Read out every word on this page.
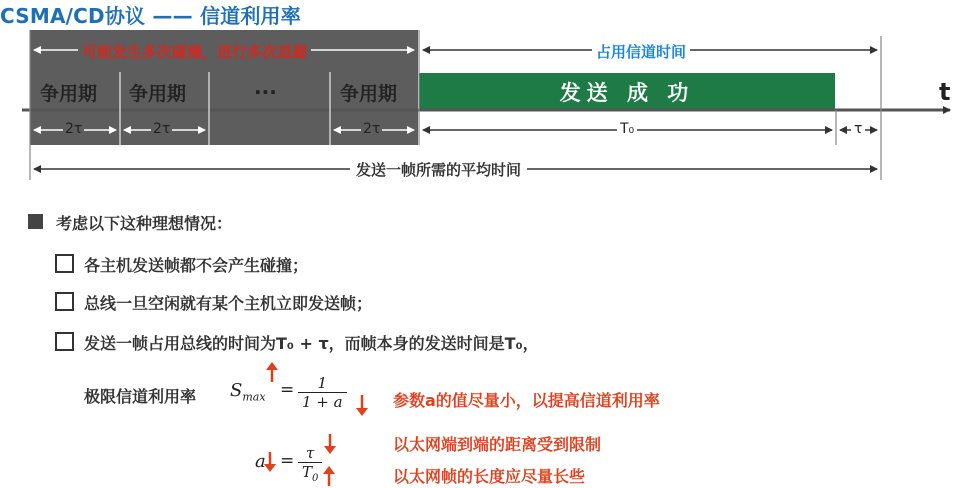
CSMA/CD协议 —— 信道利用率
发送 成 功
可能发生多次碰撞，进行多次退避	占用信道时间
争用期 争用期	···	争用期	t
2τ	2τ	2τ	T₀	τ
发送一帧所需的平均时间
考虑以下这种理想情况：
各主机发送帧都不会产生碰撞；
总线一旦空闲就有某个主机立即发送帧；
发送一帧占用总线的时间为T₀ + τ，而帧本身的发送时间是T₀，
极限信道利用率 $S_{max} = \frac{1}{1 + a}$
$a = \frac{\tau}{T_0}$
参数a的值尽量小，以提高信道利用率
以太网端到端的距离受到限制
以太网帧的长度应尽量长些
